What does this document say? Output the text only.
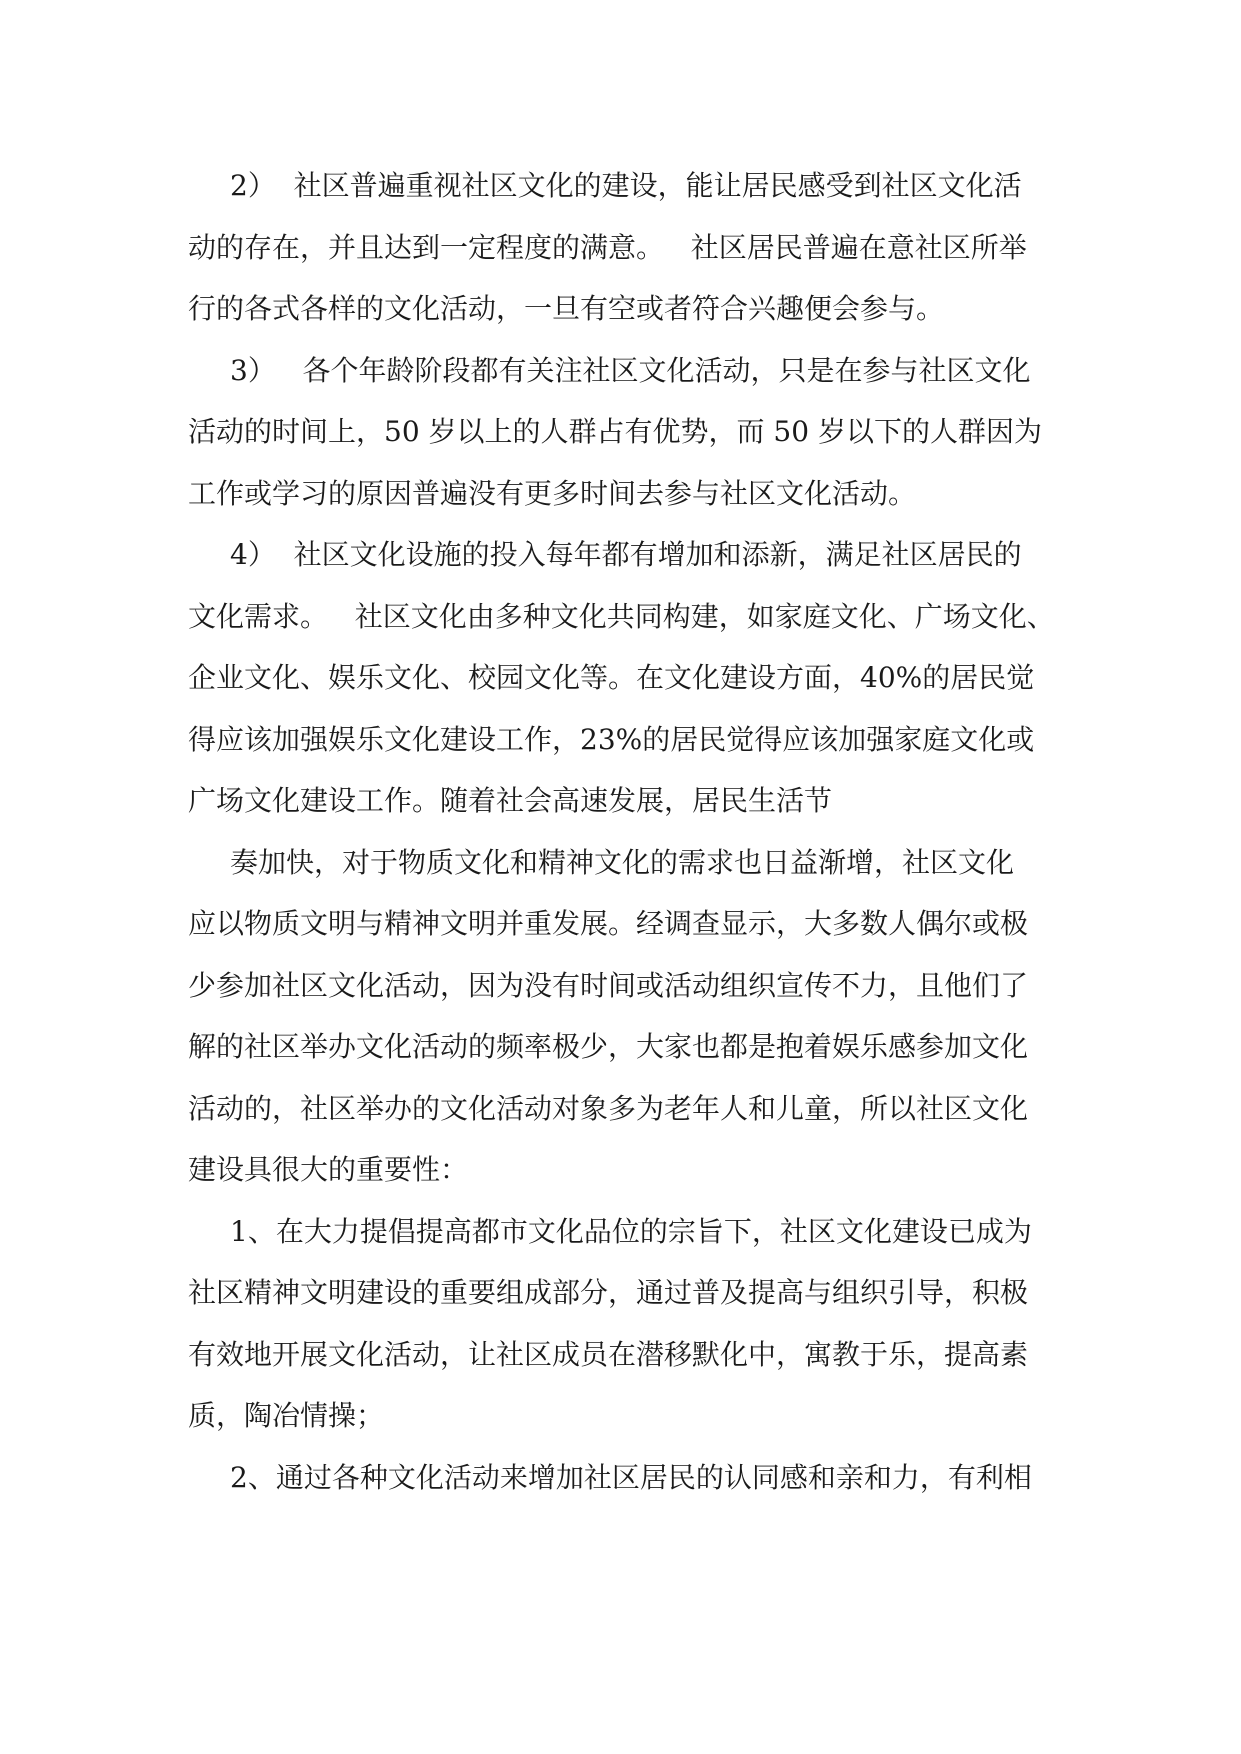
2）  社区普遍重视社区文化的建设，能让居民感受到社区文化活
动的存在，并且达到一定程度的满意。   社区居民普遍在意社区所举
行的各式各样的文化活动，一旦有空或者符合兴趣便会参与。
3）   各个年龄阶段都有关注社区文化活动，只是在参与社区文化
活动的时间上，50 岁以上的人群占有优势，而 50 岁以下的人群因为
工作或学习的原因普遍没有更多时间去参与社区文化活动。
4）  社区文化设施的投入每年都有增加和添新，满足社区居民的
文化需求。   社区文化由多种文化共同构建，如家庭文化、广场文化、
企业文化、娱乐文化、校园文化等。在文化建设方面，40%的居民觉
得应该加强娱乐文化建设工作，23%的居民觉得应该加强家庭文化或
广场文化建设工作。随着社会高速发展，居民生活节
奏加快，对于物质文化和精神文化的需求也日益渐增，社区文化
应以物质文明与精神文明并重发展。经调查显示，大多数人偶尔或极
少参加社区文化活动，因为没有时间或活动组织宣传不力，且他们了
解的社区举办文化活动的频率极少，大家也都是抱着娱乐感参加文化
活动的，社区举办的文化活动对象多为老年人和儿童，所以社区文化
建设具很大的重要性：
1、在大力提倡提高都市文化品位的宗旨下，社区文化建设已成为
社区精神文明建设的重要组成部分，通过普及提高与组织引导，积极
有效地开展文化活动，让社区成员在潜移默化中，寓教于乐，提高素
质，陶冶情操；
2、通过各种文化活动来增加社区居民的认同感和亲和力，有利相
